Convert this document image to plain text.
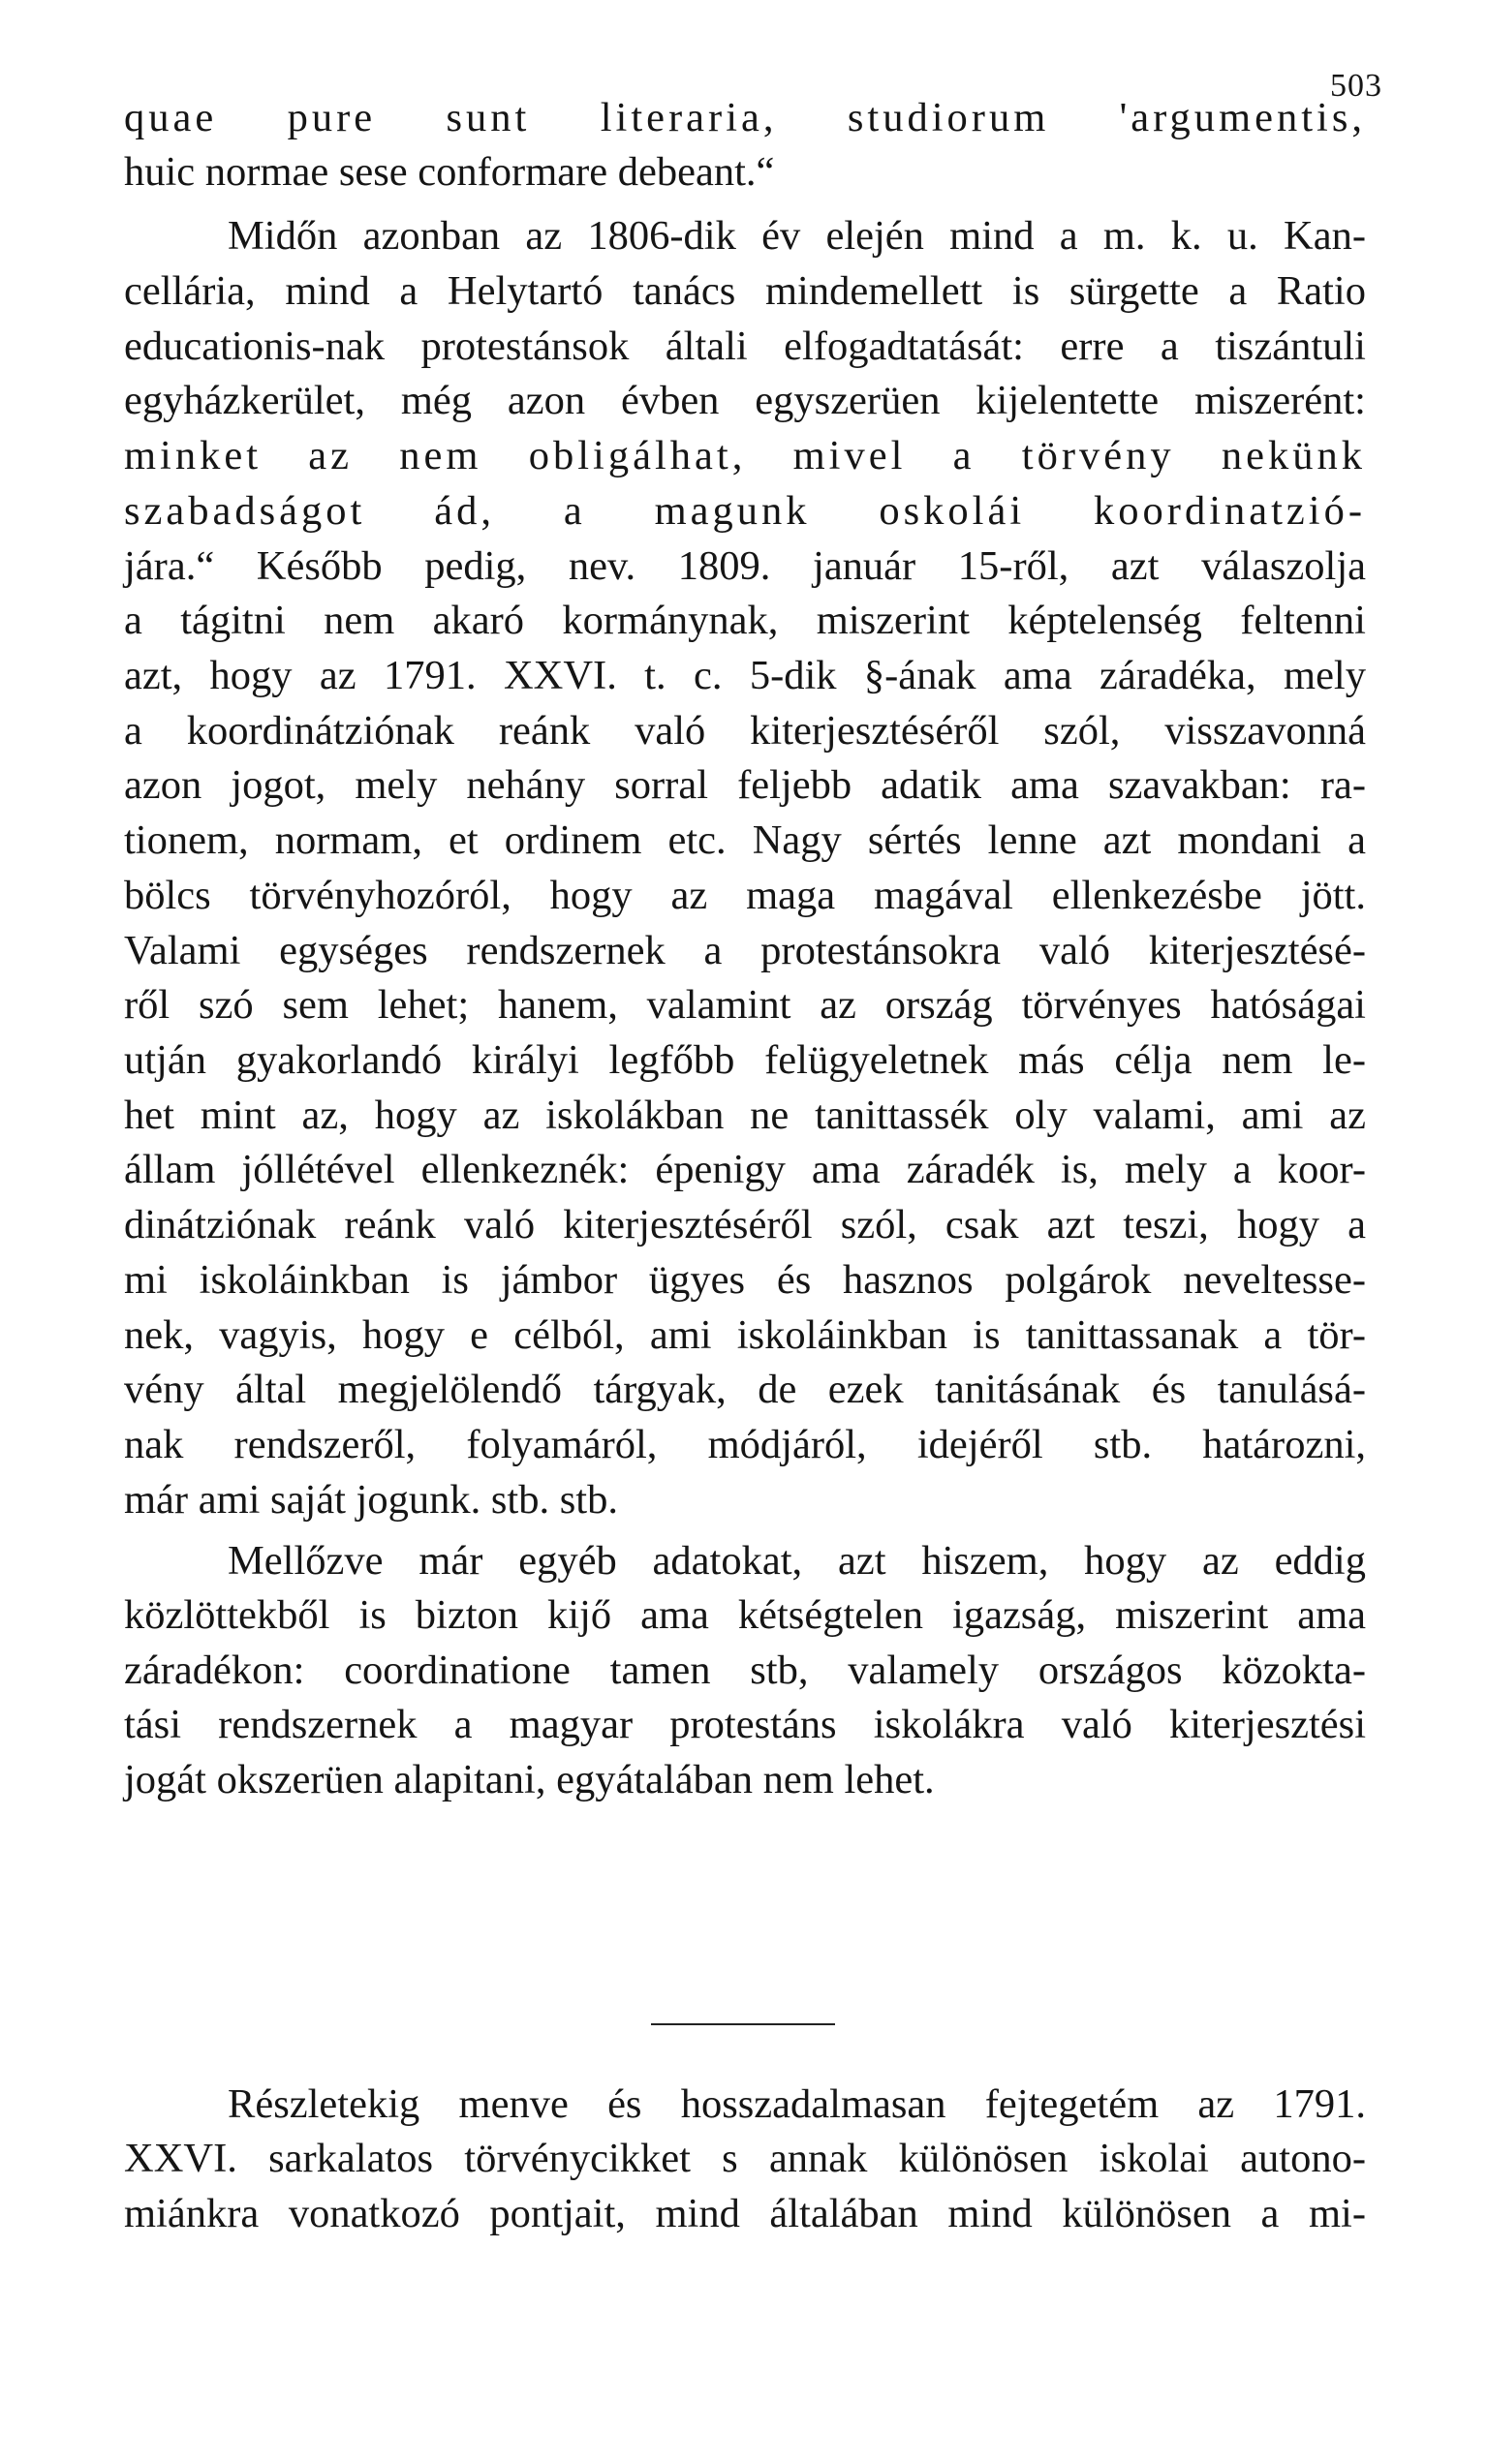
503
quae pure sunt literaria, studiorum 'argumentis,
huic normae sese conformare debeant.“
Midőn azonban az 1806-dik év elején mind a m. k. u. Kan-
cellária, mind a Helytartó tanács mindemellett is sürgette a Ratio
educationis-nak protestánsok általi elfogadtatását: erre a tiszántuli
egyházkerület, még azon évben egyszerüen kijelentette miszerént:
minket az nem obligálhat, mivel a törvény nekünk
szabadságot ád, a magunk oskolái koordinatzió-
jára.“ Később pedig, nev. 1809. január 15-ről, azt válaszolja
a tágitni nem akaró kormánynak, miszerint képtelenség feltenni
azt, hogy az 1791. XXVI. t. c. 5-dik §-ának ama záradéka, mely
a koordinátziónak reánk való kiterjesztéséről szól, visszavonná
azon jogot, mely nehány sorral feljebb adatik ama szavakban: ra-
tionem, normam, et ordinem etc. Nagy sértés lenne azt mondani a
bölcs törvényhozóról, hogy az maga magával ellenkezésbe jött.
Valami egységes rendszernek a protestánsokra való kiterjesztésé-
ről szó sem lehet; hanem, valamint az ország törvényes hatóságai
utján gyakorlandó királyi legfőbb felügyeletnek más célja nem le-
het mint az, hogy az iskolákban ne tanittassék oly valami, ami az
állam jóllétével ellenkeznék: épenigy ama záradék is, mely a koor-
dinátziónak reánk való kiterjesztéséről szól, csak azt teszi, hogy a
mi iskoláinkban is jámbor ügyes és hasznos polgárok neveltesse-
nek, vagyis, hogy e célból, ami iskoláinkban is tanittassanak a tör-
vény által megjelölendő tárgyak, de ezek tanitásának és tanulásá-
nak rendszeről, folyamáról, módjáról, idejéről stb. határozni,
már ami saját jogunk. stb. stb.
Mellőzve már egyéb adatokat, azt hiszem, hogy az eddig
közlöttekből is bizton kijő ama kétségtelen igazság, miszerint ama
záradékon: coordinatione tamen stb, valamely országos közokta-
tási rendszernek a magyar protestáns iskolákra való kiterjesztési
jogát okszerüen alapitani, egyátalában nem lehet.
Részletekig menve és hosszadalmasan fejtegetém az 1791.
XXVI. sarkalatos törvénycikket s annak különösen iskolai autono-
miánkra vonatkozó pontjait, mind általában mind különösen a mi-
